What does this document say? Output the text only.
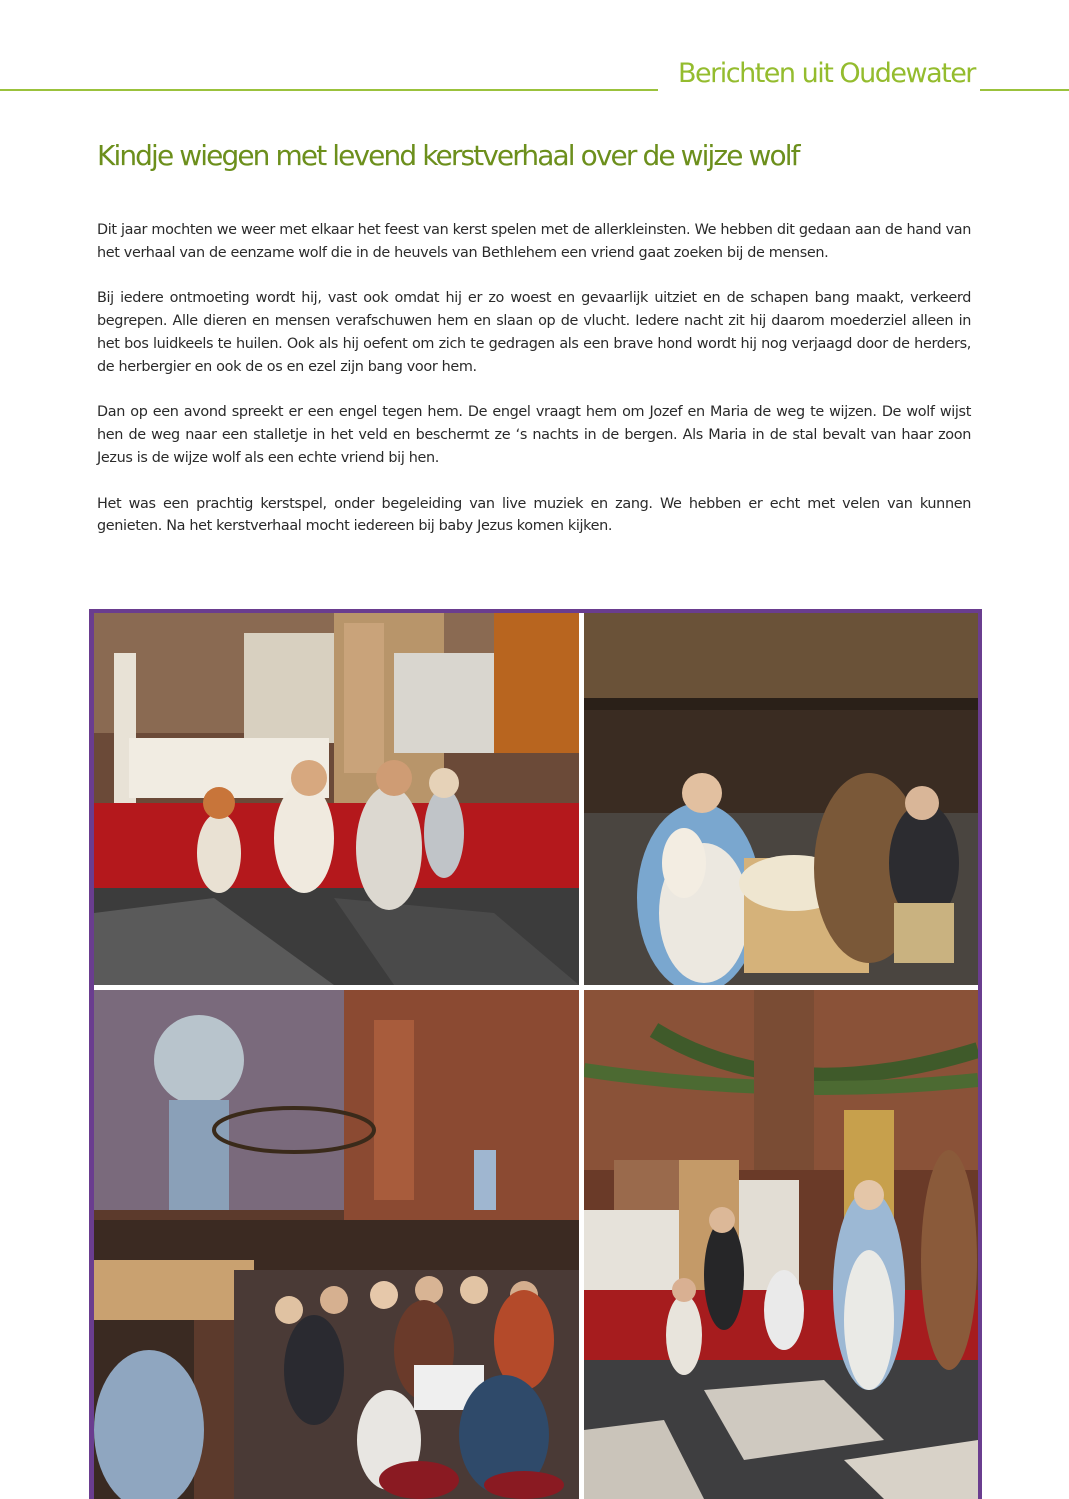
Berichten uit Oudewater
Kindje wiegen met levend kerstverhaal over de wijze wolf

Dit jaar mochten we weer met elkaar het feest van kerst spelen met de allerkleinsten. We hebben dit gedaan aan de hand van het verhaal van de eenzame wolf die in de heuvels van Bethlehem een vriend gaat zoeken bij de mensen.

Bij iedere ontmoeting wordt hij, vast ook omdat hij er zo woest en gevaarlijk uitziet en de schapen bang maakt, verkeerd begrepen. Alle dieren en mensen verafschuwen hem en slaan op de vlucht. Iedere nacht zit hij daarom moederziel alleen in het bos luidkeels te huilen. Ook als hij oefent om zich te gedragen als een brave hond wordt hij nog verjaagd door de herders, de herbergier en ook de os en ezel zijn bang voor hem.

Dan op een avond spreekt er een engel tegen hem. De engel vraagt hem om Jozef en Maria de weg te wijzen. De wolf wijst hen de weg naar een stalletje in het veld en beschermt ze ‘s nachts in de bergen. Als Maria in de stal bevalt van haar zoon Jezus is de wijze wolf als een echte vriend bij hen.

Het was een prachtig kerstspel, onder begeleiding van live muziek en zang. We hebben er echt met velen van kunnen genieten. Na het kerstverhaal mocht iedereen bij baby Jezus komen kijken.
